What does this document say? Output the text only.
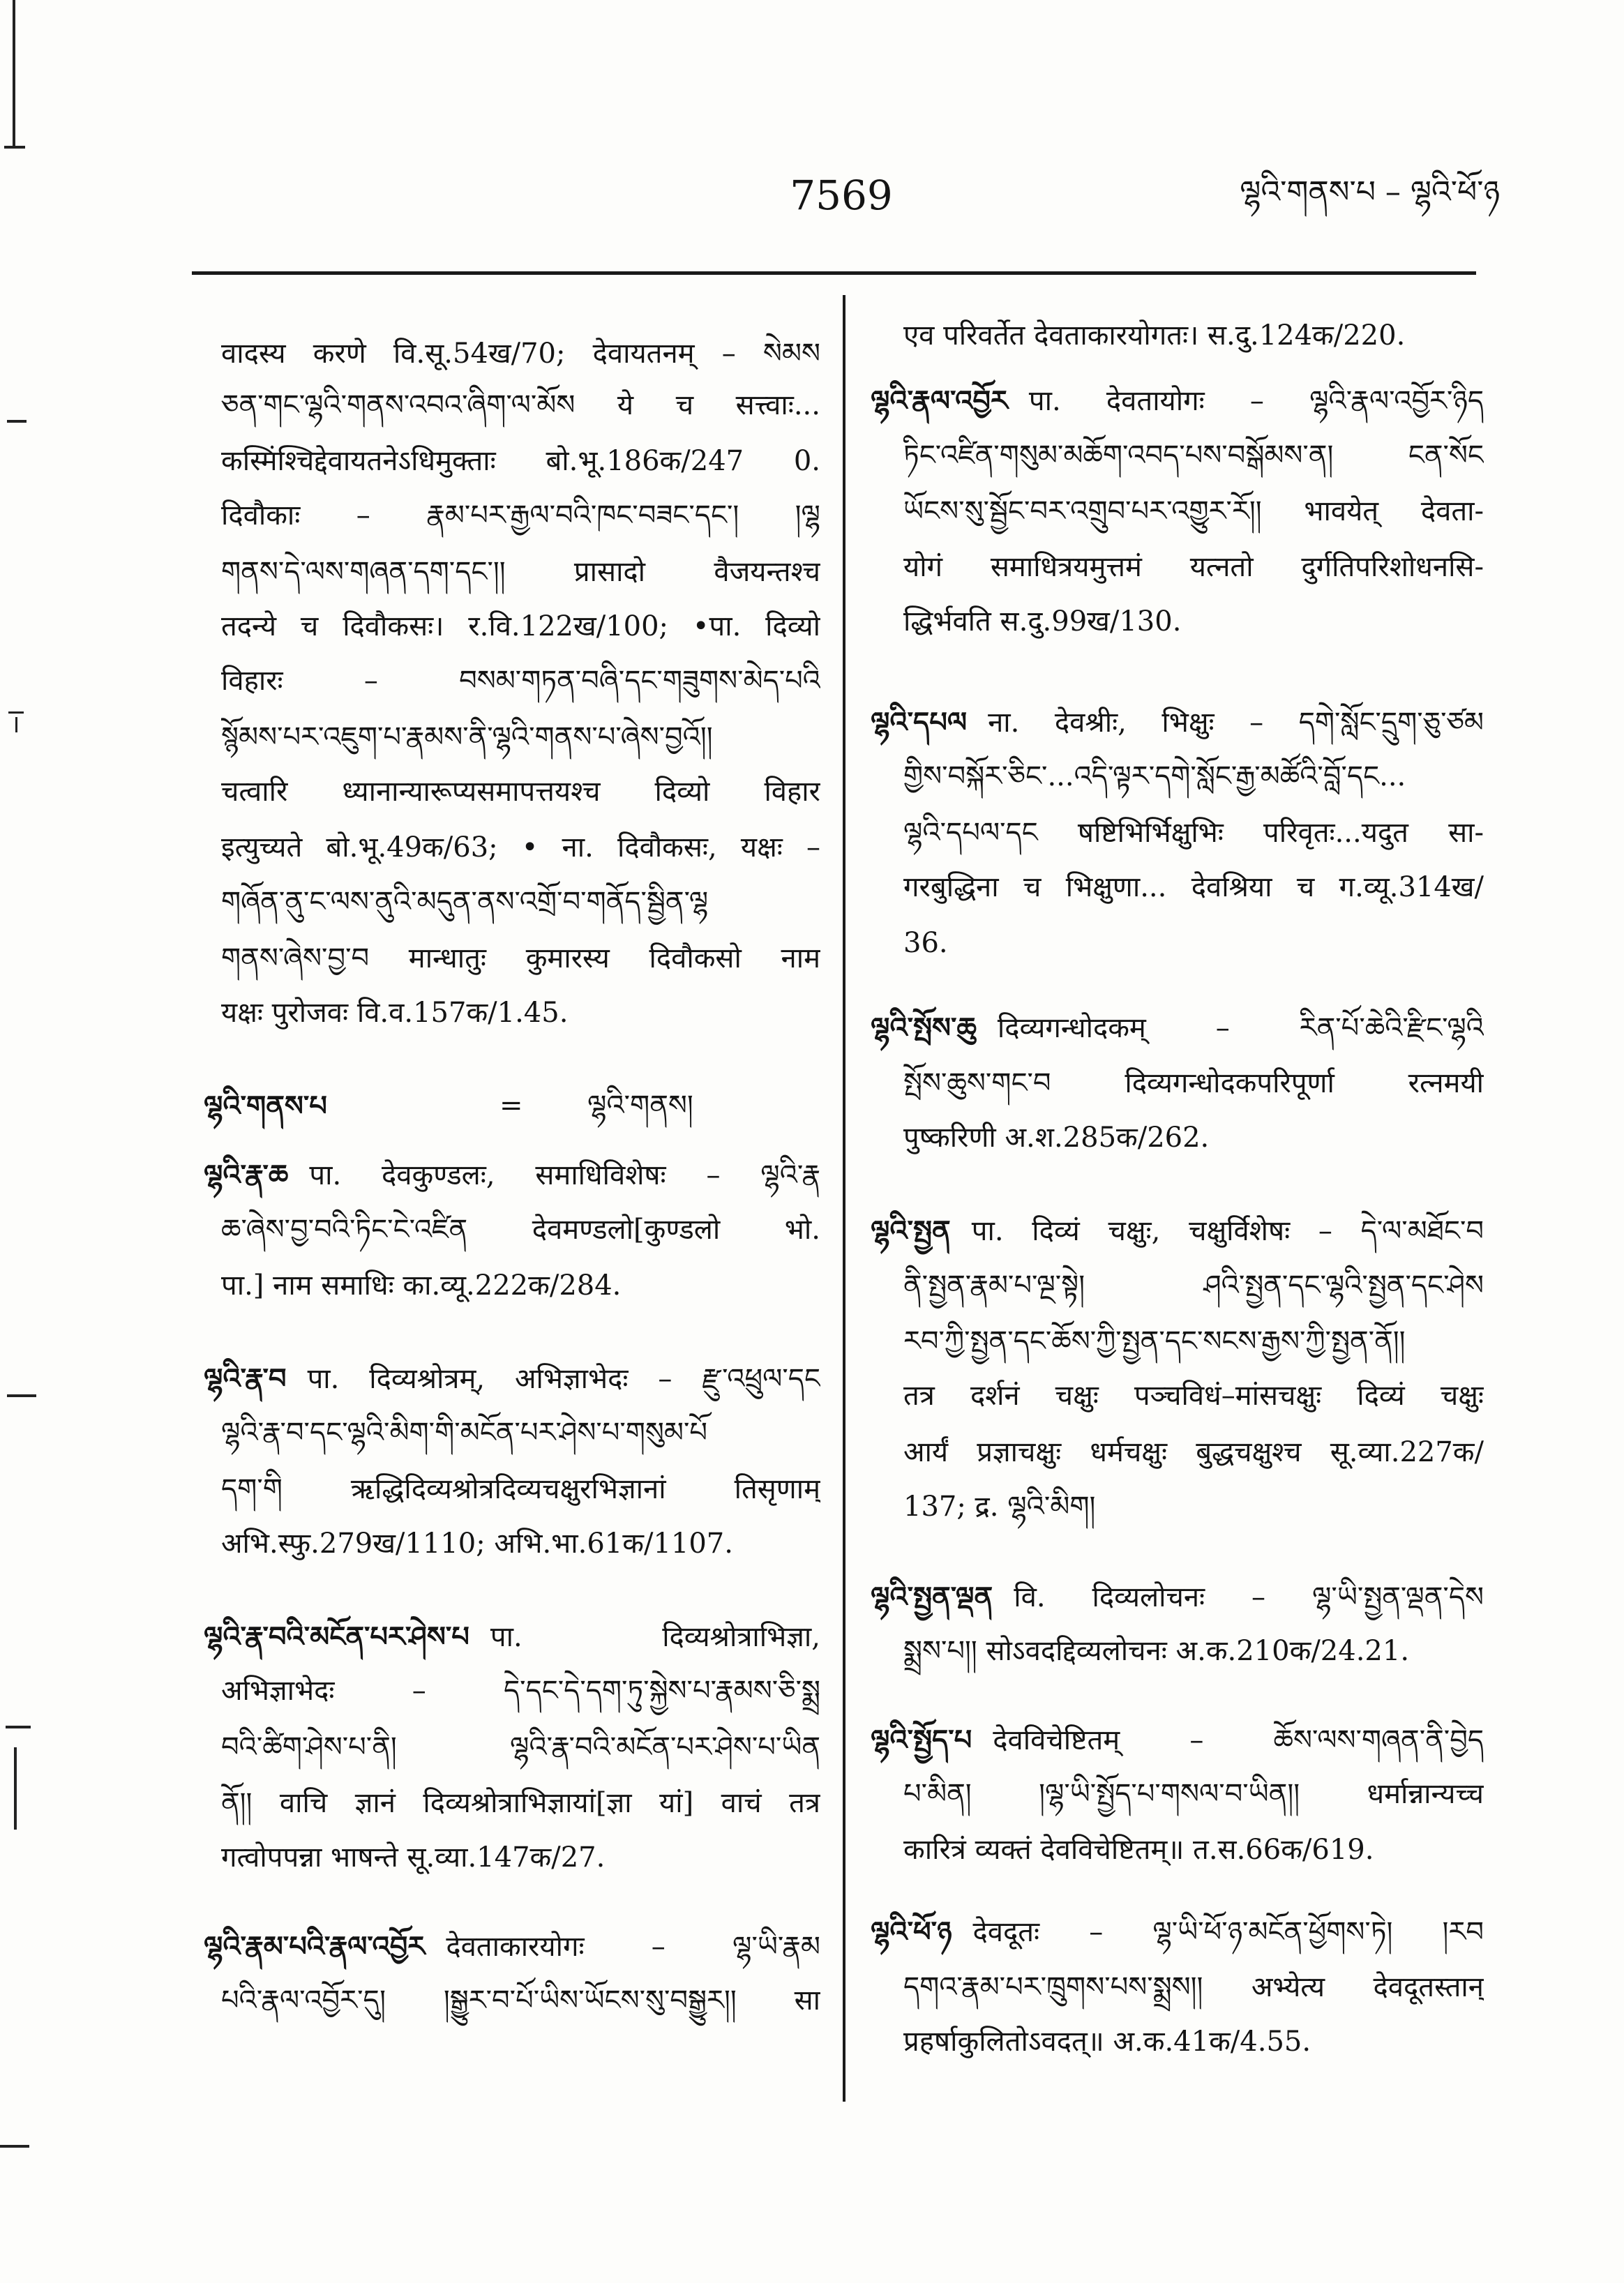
7569	ལྷའི་གནས་པ – ལྷའི་ཕོ་ཉ
वादस्य करणे वि.सू.54ख/70; देवायतनम् – སེམས
ཅན་གང་ལྷའི་གནས་འབའ་ཞིག་ལ་མོས ये च सत्त्वाः...
कस्मिंश्चिद्देवायतनेऽधिमुक्ताः बो.भू.186क/247 0.
दिवौकाः – རྣམ་པར་རྒྱལ་བའི་ཁང་བཟང་དང་། །ལྷ
གནས་དེ་ལས་གཞན་དག་དང་།། प्रासादो वैजयन्तश्च
तदन्ये च दिवौकसः। र.वि.122ख/100; •पा. दिव्यो
विहारः – བསམ་གཏན་བཞི་དང་གཟུགས་མེད་པའི
སྙོམས་པར་འཇུག་པ་རྣམས་ནི་ལྷའི་གནས་པ་ཞེས་བྱའོ།།
चत्वारि ध्यानान्यारूप्यसमापत्तयश्च दिव्यो विहार
इत्युच्यते बो.भू.49क/63; • ना. दिवौकसः, यक्षः –
གཞོན་ནུ་ང་ལས་ནུའི་མདུན་ནས་འགྲོ་བ་གནོད་སྦྱིན་ལྷ
གནས་ཞེས་བྱ་བ मान्धातुः कुमारस्य दिवौकसो नाम
यक्षः पुरोजवः वि.व.157क/1.45.
ལྷའི་གནས་པ	= ལྷའི་གནས།
ལྷའི་རྣ་ཆ पा. देवकुण्डलः, समाधिविशेषः – ལྷའི་རྣ
ཆ་ཞེས་བྱ་བའི་ཏིང་ངེ་འཛིན देवमण्डलो[कुण्डलो भो.
पा.] नाम समाधिः का.व्यू.222क/284.
ལྷའི་རྣ་བ पा. दिव्यश्रोत्रम्, अभिज्ञाभेदः – རྫུ་འཕྲུལ་དང
ལྷའི་རྣ་བ་དང་ལྷའི་མིག་གི་མངོན་པར་ཤེས་པ་གསུམ་པོ
དག་གི ऋद्धिदिव्यश्रोत्रदिव्यचक्षुरभिज्ञानां तिसृणाम्
अभि.स्फु.279ख/1110; अभि.भा.61क/1107.
ལྷའི་རྣ་བའི་མངོན་པར་ཤེས་པ पा. दिव्यश्रोत्राभिज्ञा,
अभिज्ञाभेदः – དེ་དང་དེ་དག་ཏུ་སྐྱེས་པ་རྣམས་ཅི་སྨྲ
བའི་ཚིག་ཤེས་པ་ནི། ལྷའི་རྣ་བའི་མངོན་པར་ཤེས་པ་ཡིན
ནོ།། वाचि ज्ञानं दिव्यश्रोत्राभिज्ञायां[ज्ञा यां] वाचं तत्र
गत्वोपपन्ना भाषन्ते सू.व्या.147क/27.
ལྷའི་རྣམ་པའི་རྣལ་འབྱོར देवताकारयोगः – ལྷ་ཡི་རྣམ
པའི་རྣལ་འབྱོར་དུ། །སྒྱུར་བ་པོ་ཡིས་ཡོངས་སུ་བསྒྱུར།། सा
एव परिवर्तेत देवताकारयोगतः। स.दु.124क/220.
ལྷའི་རྣལ་འབྱོར पा. देवतायोगः – ལྷའི་རྣལ་འབྱོར་ཉིད
ཏིང་འཛིན་གསུམ་མཆོག་འབད་པས་བསྒོམས་ན། ངན་སོང
ཡོངས་སུ་སྦྱོང་བར་འགྲུབ་པར་འགྱུར་རོ།། भावयेत् देवता-
योगं समाधित्रयमुत्तमं यत्नतो दुर्गतिपरिशोधनसि-
द्धिर्भवति स.दु.99ख/130.
ལྷའི་དཔལ ना. देवश्रीः, भिक्षुः – དགེ་སློང་དྲུག་ཅུ་ཙམ
གྱིས་བསྐོར་ཅིང་...འདི་ལྟར་དགེ་སློང་རྒྱ་མཚོའི་བློ་དང...
ལྷའི་དཔལ་དང षष्टिभिर्भिक्षुभिः परिवृतः...यदुत सा-
गरबुद्धिना च भिक्षुणा... देवश्रिया च ग.व्यू.314ख/
36.
ལྷའི་སྤོས་ཆུ दिव्यगन्धोदकम् – རིན་པོ་ཆེའི་རྫིང་ལྷའི
སྤོས་ཆུས་གང་བ दिव्यगन्धोदकपरिपूर्णा रत्नमयी
पुष्करिणी अ.श.285क/262.
ལྷའི་སྤྱན पा. दिव्यं चक्षुः, चक्षुर्विशेषः – དེ་ལ་མཐོང་བ
ནི་སྤྱན་རྣམ་པ་ལྔ་སྟེ། ཤའི་སྤྱན་དང་ལྷའི་སྤྱན་དང་ཤེས
རབ་ཀྱི་སྤྱན་དང་ཆོས་ཀྱི་སྤྱན་དང་སངས་རྒྱས་ཀྱི་སྤྱན་ནོ།།
तत्र दर्शनं चक्षुः पञ्चविधं–मांसचक्षुः दिव्यं चक्षुः
आर्यं प्रज्ञाचक्षुः धर्मचक्षुः बुद्धचक्षुश्च सू.व्या.227क/
137; द्र. ལྷའི་མིག།
ལྷའི་སྤྱན་ལྡན वि. दिव्यलोचनः – ལྷ་ཡི་སྤྱན་ལྡན་དེས
སྨྲས་པ།། सोऽवदद्दिव्यलोचनः अ.क.210क/24.21.
ལྷའི་སྤྱོད་པ देवविचेष्टितम् – ཆོས་ལས་གཞན་ནི་བྱེད
པ་མིན། །ལྷ་ཡི་སྤྱོད་པ་གསལ་བ་ཡིན།། धर्मान्नान्यच्च
कारित्रं व्यक्तं देवविचेष्टितम्॥ त.स.66क/619.
ལྷའི་ཕོ་ཉ देवदूतः – ལྷ་ཡི་ཕོ་ཉ་མངོན་ཕྱོགས་ཏེ། །རབ
དགའ་རྣམ་པར་ཁྲུགས་པས་སྨྲས།། अभ्येत्य देवदूतस्तान्
प्रहर्षाकुलितोऽवदत्॥ अ.क.41क/4.55.
